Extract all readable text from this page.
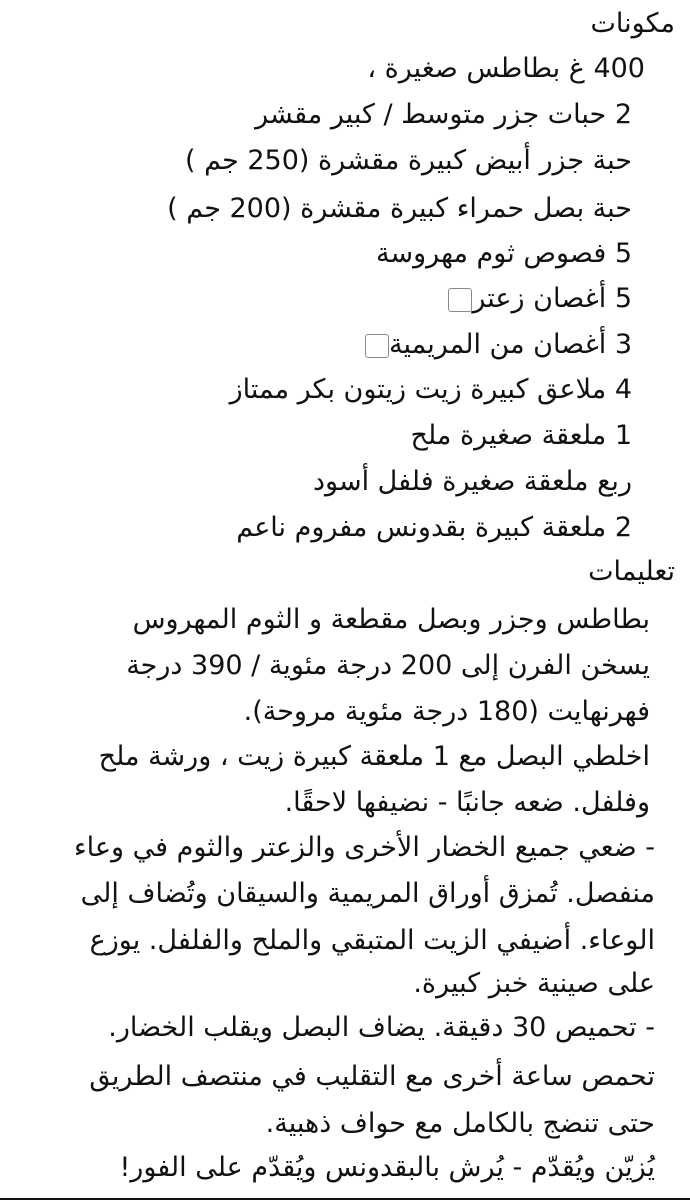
مكونات
400 غ بطاطس صغيرة ،
2 حبات جزر متوسط / كبير مقشر
حبة جزر أبيض كبيرة مقشرة (250 جم )
حبة بصل حمراء كبيرة مقشرة (200 جم )
5 فصوص ثوم مهروسة
5 أغصان زعتر
3 أغصان من المريمية
4 ملاعق كبيرة زيت زيتون بكر ممتاز
1 ملعقة صغيرة ملح
ربع ملعقة صغيرة فلفل أسود
2 ملعقة كبيرة بقدونس مفروم ناعم
تعليمات
بطاطس وجزر وبصل مقطعة و الثوم المهروس
يسخن الفرن إلى 200 درجة مئوية / 390 درجة
فهرنهايت (180 درجة مئوية مروحة).
اخلطي البصل مع 1 ملعقة كبيرة زيت ، ورشة ملح
وفلفل. ضعه جانبًا - نضيفها لاحقًا.
- ضعي جميع الخضار الأخرى والزعتر والثوم في وعاء
منفصل. تُمزق أوراق المريمية والسيقان وتُضاف إلى
الوعاء. أضيفي الزيت المتبقي والملح والفلفل. يوزع
على صينية خبز كبيرة.
- تحميص 30 دقيقة. يضاف البصل ويقلب الخضار.
تحمص ساعة أخرى مع التقليب في منتصف الطريق
حتى تنضج بالكامل مع حواف ذهبية.
يُزيّن ويُقدّم - يُرش بالبقدونس ويُقدّم على الفور!
